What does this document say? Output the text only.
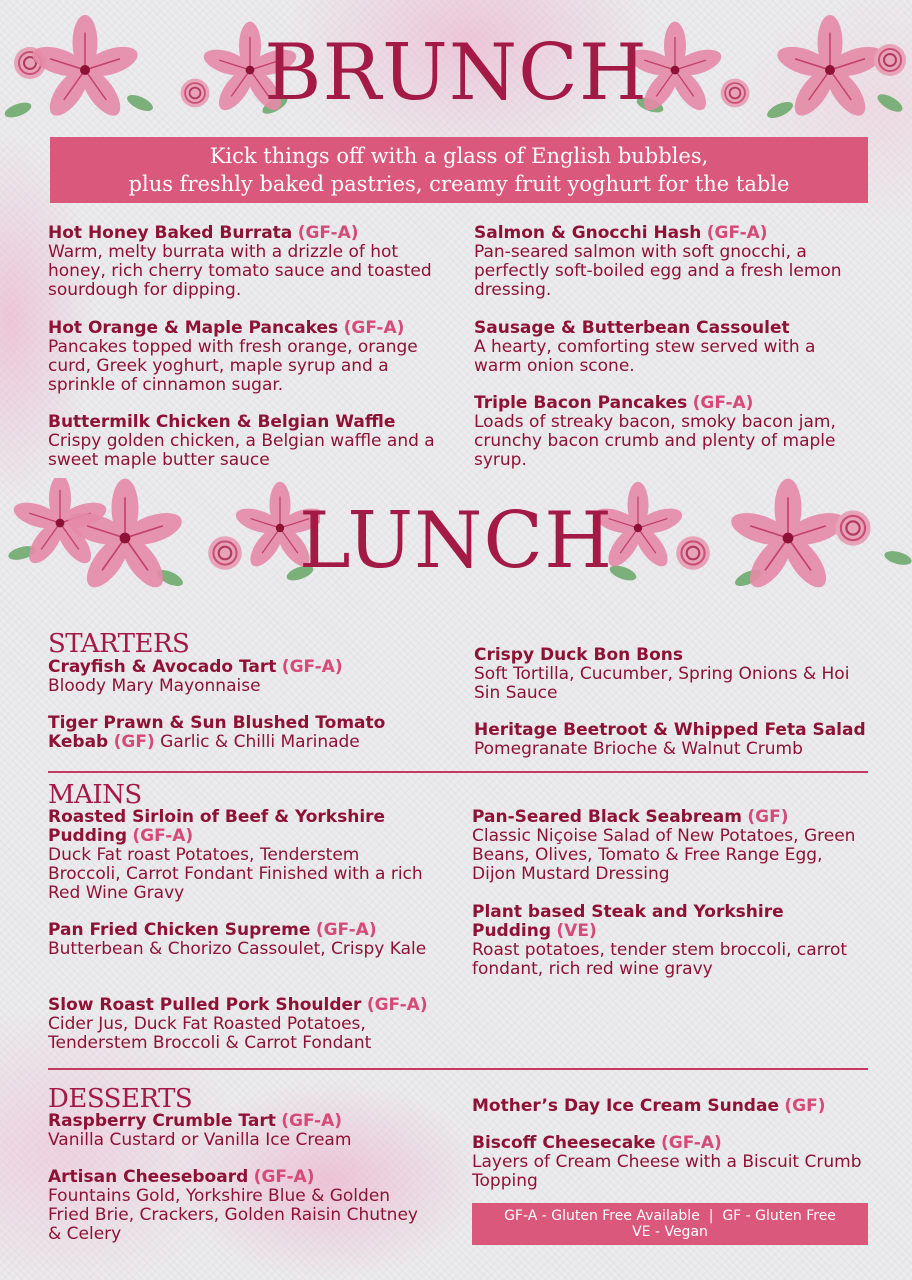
BRUNCH
Kick things off with a glass of English bubbles,
plus freshly baked pastries, creamy fruit yoghurt for the table
Hot Honey Baked Burrata (GF-A)
Warm, melty burrata with a drizzle of hot honey, rich cherry tomato sauce and toasted sourdough for dipping.
Hot Orange & Maple Pancakes (GF-A)
Pancakes topped with fresh orange, orange curd, Greek yoghurt, maple syrup and a sprinkle of cinnamon sugar.
Buttermilk Chicken & Belgian Waffle
Crispy golden chicken, a Belgian waffle and a sweet maple butter sauce
Salmon & Gnocchi Hash (GF-A)
Pan-seared salmon with soft gnocchi, a perfectly soft-boiled egg and a fresh lemon dressing.
Sausage & Butterbean Cassoulet
A hearty, comforting stew served with a warm onion scone.
Triple Bacon Pancakes (GF-A)
Loads of streaky bacon, smoky bacon jam, crunchy bacon crumb and plenty of maple syrup.
LUNCH
STARTERS
Crayfish & Avocado Tart (GF-A)
Bloody Mary Mayonnaise
Tiger Prawn & Sun Blushed Tomato Kebab (GF) Garlic & Chilli Marinade
Crispy Duck Bon Bons
Soft Tortilla, Cucumber, Spring Onions & Hoi Sin Sauce
Heritage Beetroot & Whipped Feta Salad
Pomegranate Brioche & Walnut Crumb
MAINS
Roasted Sirloin of Beef & Yorkshire Pudding (GF-A)
Duck Fat roast Potatoes, Tenderstem Broccoli, Carrot Fondant Finished with a rich Red Wine Gravy
Pan Fried Chicken Supreme (GF-A)
Butterbean & Chorizo Cassoulet, Crispy Kale
Slow Roast Pulled Pork Shoulder (GF-A)
Cider Jus, Duck Fat Roasted Potatoes, Tenderstem Broccoli & Carrot Fondant
Pan-Seared Black Seabream (GF)
Classic Niçoise Salad of New Potatoes, Green Beans, Olives, Tomato & Free Range Egg, Dijon Mustard Dressing
Plant based Steak and Yorkshire Pudding (VE)
Roast potatoes, tender stem broccoli, carrot fondant, rich red wine gravy
DESSERTS
Raspberry Crumble Tart (GF-A)
Vanilla Custard or Vanilla Ice Cream
Artisan Cheeseboard (GF-A)
Fountains Gold, Yorkshire Blue & Golden Fried Brie, Crackers, Golden Raisin Chutney & Celery
Mother’s Day Ice Cream Sundae (GF)
Biscoff Cheesecake (GF-A)
Layers of Cream Cheese with a Biscuit Crumb Topping
GF-A - Gluten Free Available  |  GF - Gluten Free
VE - Vegan
